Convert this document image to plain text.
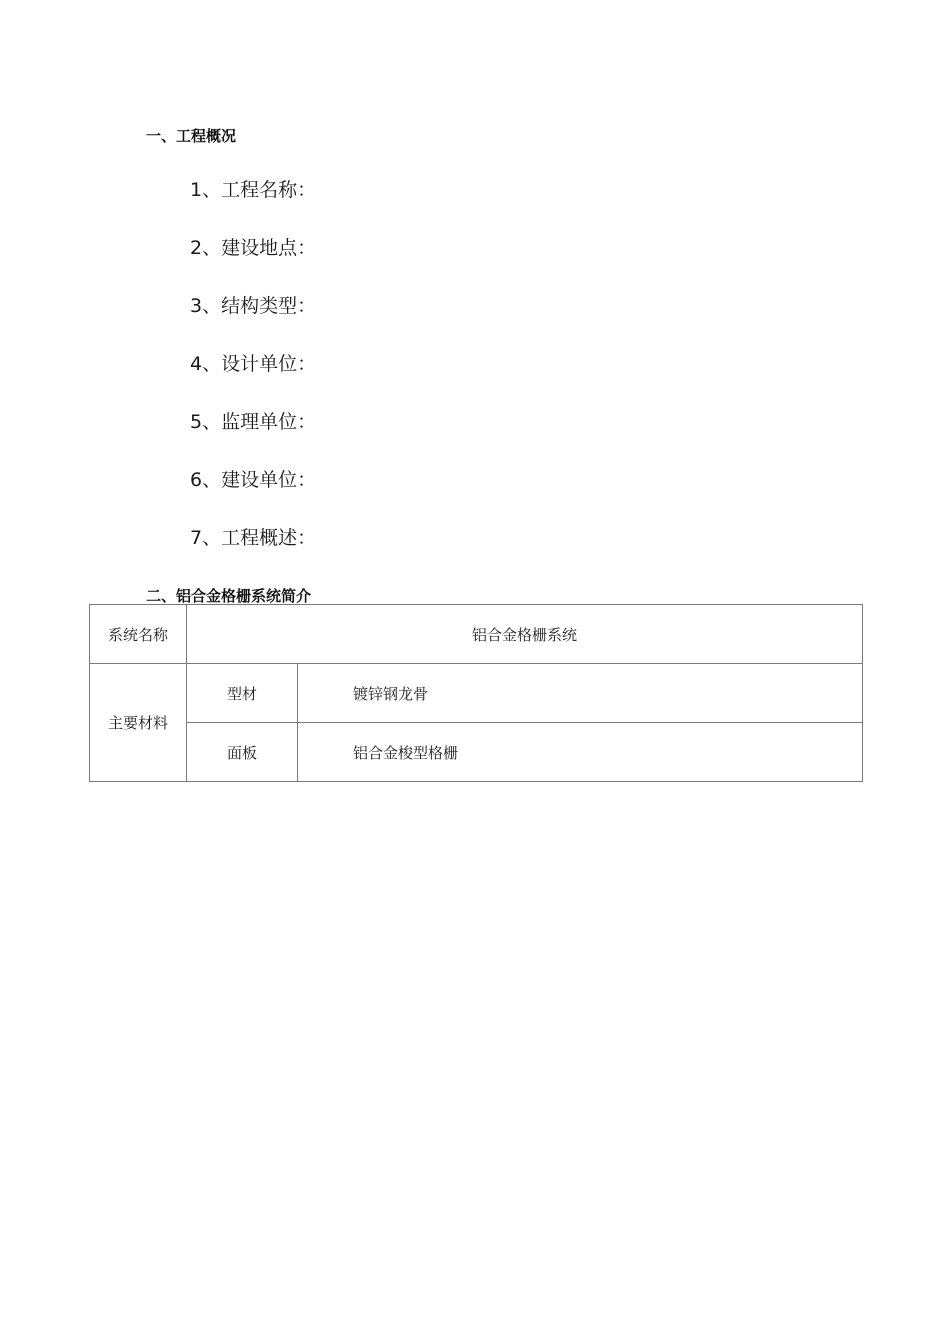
一、工程概况
1、工程名称：
2、建设地点：
3、结构类型：
4、设计单位：
5、监理单位：
6、建设单位：
7、工程概述：
二、铝合金格栅系统简介
系统名称	铝合金格栅系统	
主要材料	型材	镀锌钢龙骨
	面板	铝合金梭型格栅
